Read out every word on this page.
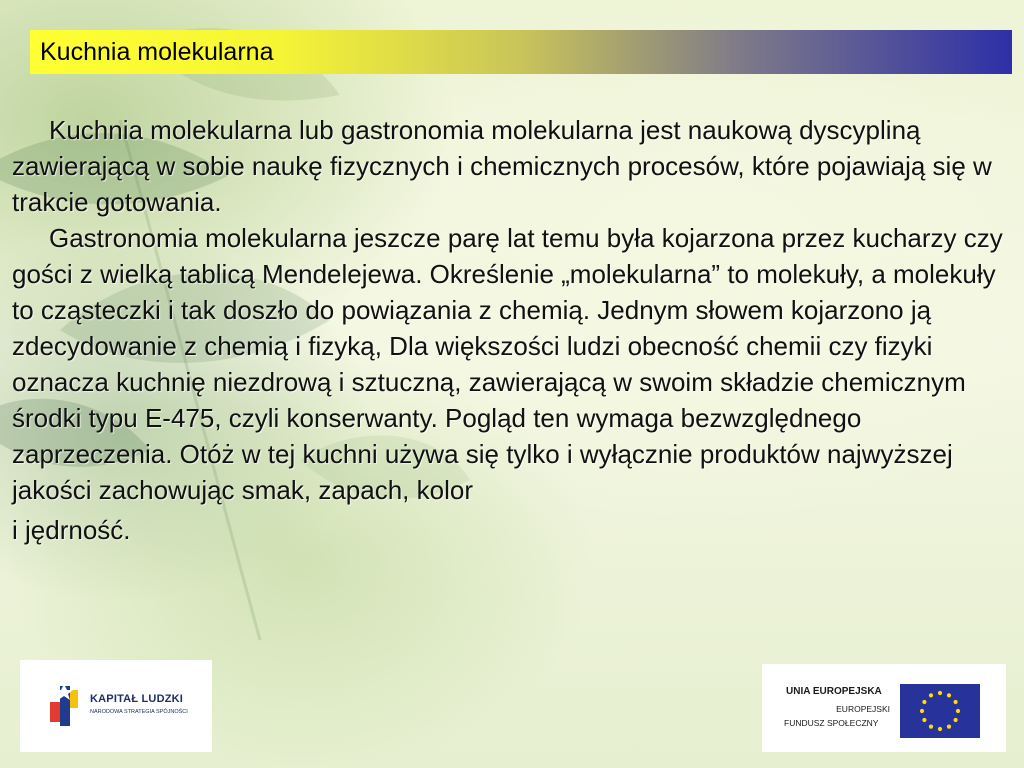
Kuchnia molekularna

Kuchnia molekularna lub gastronomia molekularna jest naukową dyscypliną zawierającą w sobie naukę fizycznych i chemicznych procesów, które pojawiają się w trakcie gotowania.

Gastronomia molekularna jeszcze parę lat temu była kojarzona przez kucharzy czy gości z wielką tablicą Mendelejewa. Określenie „molekularna” to molekuły, a molekuły to cząsteczki i tak doszło do powiązania z chemią. Jednym słowem kojarzono ją zdecydowanie z chemią i fizyką, Dla większości ludzi obecność chemii czy fizyki oznacza kuchnię niezdrową i sztuczną, zawierającą w swoim składzie chemicznym środki typu E-475, czyli konserwanty. Pogląd ten wymaga bezwzględnego zaprzeczenia. Otóż w tej kuchni używa się tylko i wyłącznie produktów najwyższej jakości zachowując smak, zapach, kolor

i jędrność.

KAPITAŁ LUDZKI
NARODOWA STRATEGIA SPÓJNOŚCI
UNIA EUROPEJSKA
EUROPEJSKI
FUNDUSZ SPOŁECZNY
